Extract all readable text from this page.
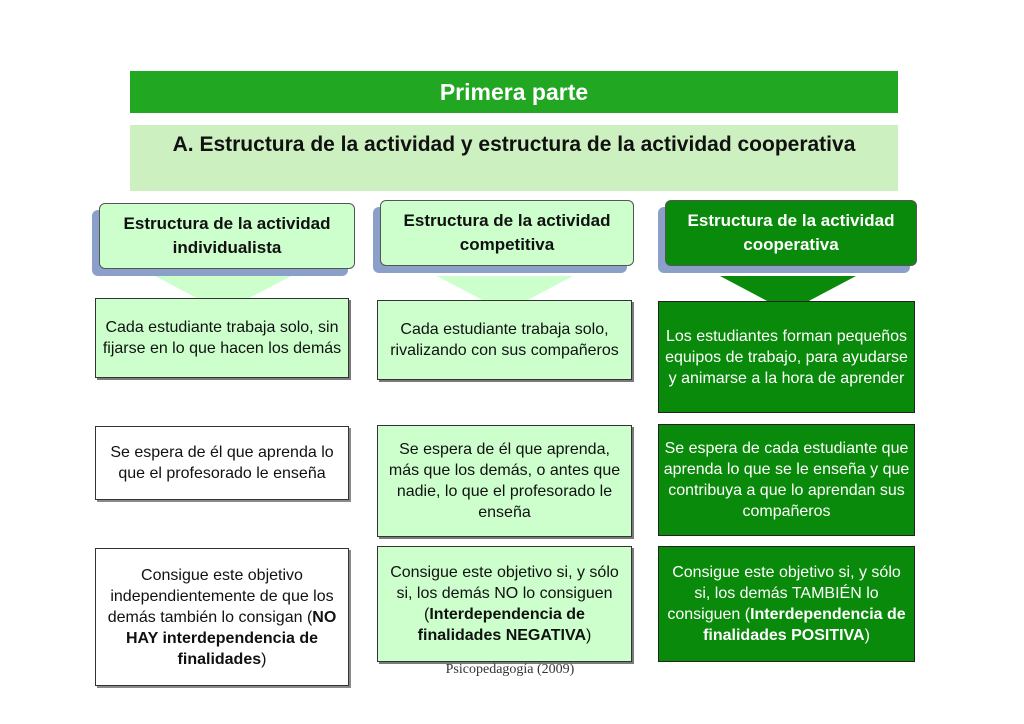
Primera parte
A. Estructura de la actividad y estructura de la actividad cooperativa
Estructura de la actividad individualista
Estructura de la actividad competitiva
Estructura de la actividad cooperativa
Cada estudiante trabaja solo, sin fijarse en lo que hacen los demás
Cada estudiante trabaja solo, rivalizando con sus compañeros
Los estudiantes forman pequeños equipos de trabajo, para ayudarse y animarse a la hora de aprender
Se espera de él que aprenda lo que el profesorado le enseña
Se espera de él que aprenda, más que los demás, o antes que nadie, lo que el profesorado le enseña
Se espera de cada estudiante que aprenda lo que se le enseña y que contribuya a que lo aprendan sus compañeros
Consigue este objetivo independientemente de que los demás también lo consigan (NO HAY interdependencia de finalidades)
Consigue este objetivo si, y sólo si, los demás NO lo consiguen (Interdependencia de finalidades NEGATIVA)
Consigue este objetivo si, y sólo si, los demás TAMBIÉN lo consiguen (Interdependencia de finalidades POSITIVA)
Psicopedagogía (2009)
